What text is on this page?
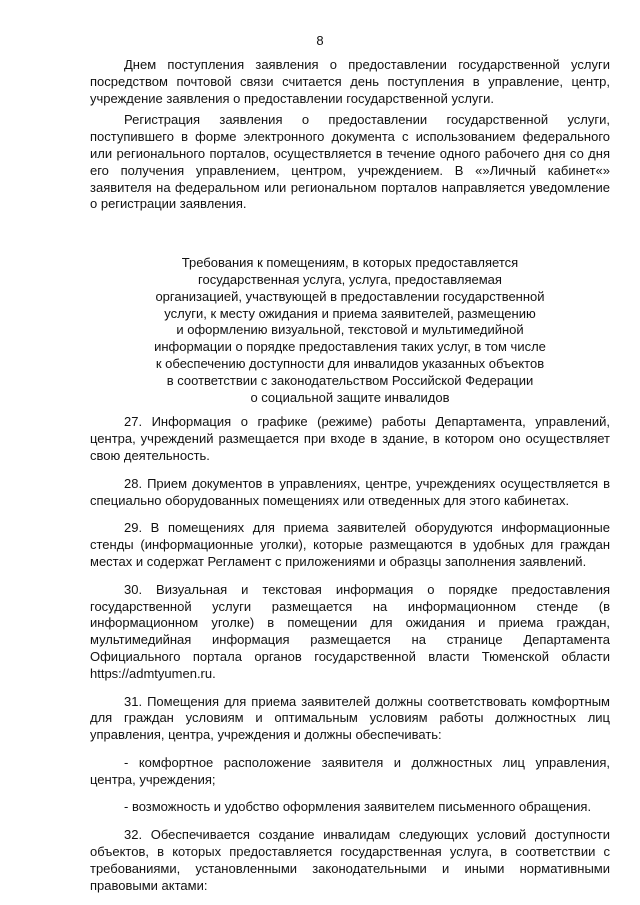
8

Днем поступления заявления о предоставлении государственной услуги посредством почтовой связи считается день поступления в управление, центр, учреждение заявления о предоставлении государственной услуги.

Регистрация заявления о предоставлении государственной услуги, поступившего в форме электронного документа с использованием федерального или регионального порталов, осуществляется в течение одного рабочего дня со дня его получения управлением, центром, учреждением. В «»Личный кабинет«» заявителя на федеральном или региональном порталов направляется уведомление о регистрации заявления.

Требования к помещениям, в которых предоставляется
государственная услуга, услуга, предоставляемая
организацией, участвующей в предоставлении государственной
услуги, к месту ожидания и приема заявителей, размещению
и оформлению визуальной, текстовой и мультимедийной
информации о порядке предоставления таких услуг, в том числе
к обеспечению доступности для инвалидов указанных объектов
в соответствии с законодательством Российской Федерации
о социальной защите инвалидов

27. Информация о графике (режиме) работы Департамента, управлений, центра, учреждений размещается при входе в здание, в котором оно осуществляет свою деятельность.

28. Прием документов в управлениях, центре, учреждениях осуществляется в специально оборудованных помещениях или отведенных для этого кабинетах.

29. В помещениях для приема заявителей оборудуются информационные стенды (информационные уголки), которые размещаются в удобных для граждан местах и содержат Регламент с приложениями и образцы заполнения заявлений.

30. Визуальная и текстовая информация о порядке предоставления государственной услуги размещается на информационном стенде (в информационном уголке) в помещении для ожидания и приема граждан, мультимедийная информация размещается на странице Департамента Официального портала органов государственной власти Тюменской области https://admtyumen.ru.

31. Помещения для приема заявителей должны соответствовать комфортным для граждан условиям и оптимальным условиям работы должностных лиц управления, центра, учреждения и должны обеспечивать:

- комфортное расположение заявителя и должностных лиц управления, центра, учреждения;

- возможность и удобство оформления заявителем письменного обращения.

32. Обеспечивается создание инвалидам следующих условий доступности объектов, в которых предоставляется государственная услуга, в соответствии с требованиями, установленными законодательными и иными нормативными правовыми актами:
